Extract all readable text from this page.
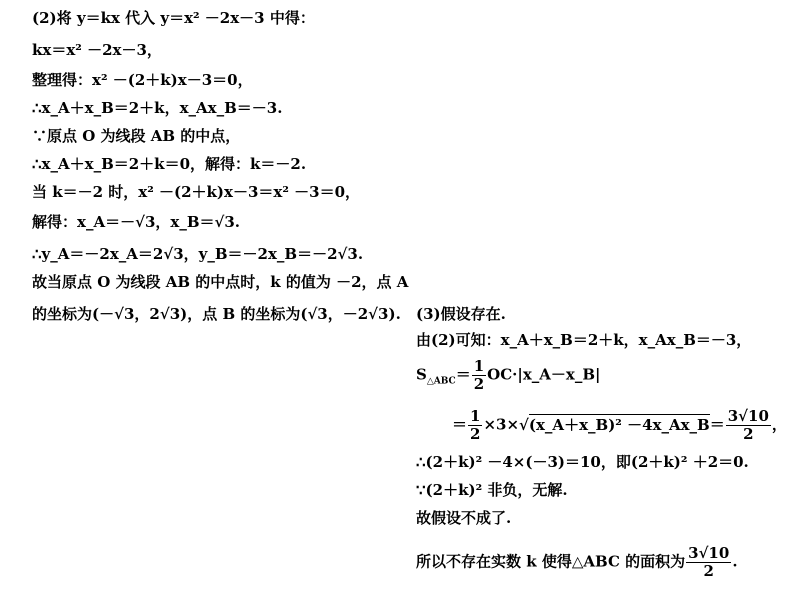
(2)将 y＝kx 代入 y＝x² －2x－3 中得：
kx＝x² －2x－3，
整理得：x² －(2＋k)x－3＝0，
∴x_A＋x_B＝2＋k，x_Ax_B＝－3.
∵原点 O 为线段 AB 的中点，
∴x_A＋x_B＝2＋k＝0，解得：k＝－2.
当 k＝－2 时，x² －(2＋k)x－3＝x² －3＝0，
解得：x_A＝－√3，x_B＝√3.
∴y_A＝－2x_A＝2√3，y_B＝－2x_B＝－2√3.
故当原点 O 为线段 AB 的中点时，k 的值为 －2，点 A
的坐标为(－√3，2√3)，点 B 的坐标为(√3，－2√3). (3)假设存在.
由(2)可知：x_A＋x_B＝2＋k，x_Ax_B＝－3，
$S_{\triangle ABC}= \frac{1}{2}$ OC·|x_A－x_B|
＝ $\frac{1}{2}$ ×3×√(x_A＋x_B)² －4x_Ax_B＝ $\frac{3√10}{2}$ ，
∴(2＋k)² －4×(－3)＝10，即(2＋k)² ＋2＝0.
∵(2＋k)² 非负，无解.
故假设不成了.
所以不存在实数 k 使得△ABC 的面积为 $\frac{3√10}{2}$ .
